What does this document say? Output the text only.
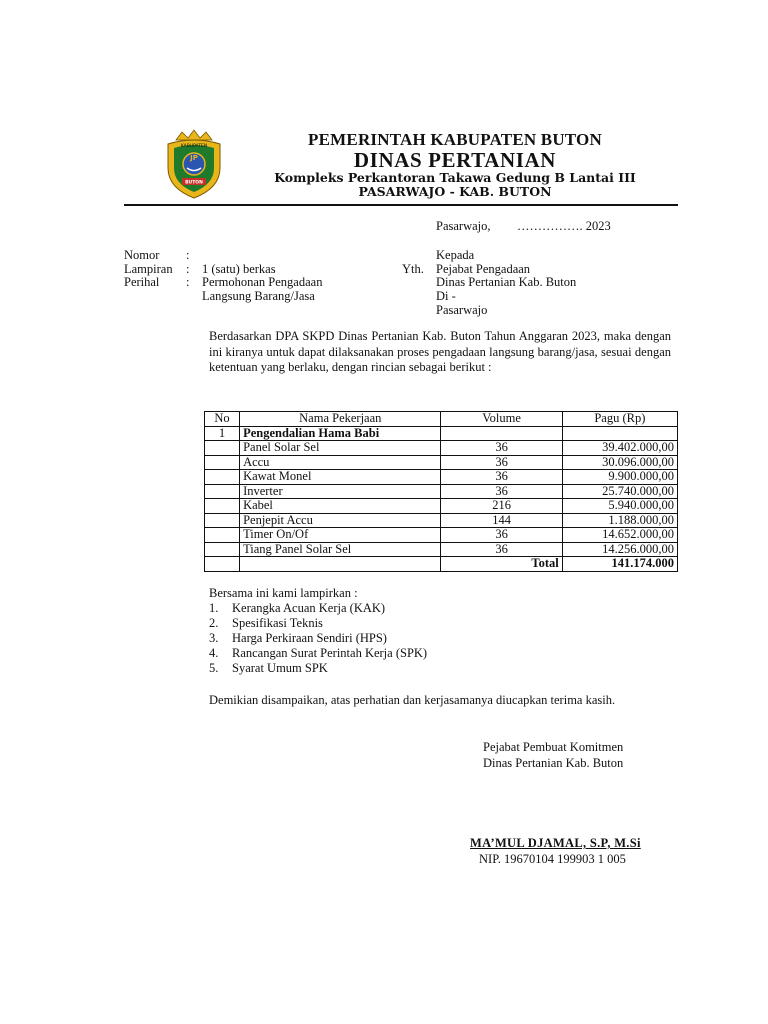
KABUPATEN
JP
BUTON
PEMERINTAH KABUPATEN BUTON
DINAS PERTANIAN
Kompleks Perkantoran Takawa Gedung B Lantai III
PASARWAJO - KAB. BUTON
Pasarwajo, ……………. 2023
Nomor :
Lampiran : 1 (satu) berkas
Perihal : Permohonan Pengadaan
Langsung Barang/Jasa
Kepada
Yth. Pejabat Pengadaan
Dinas Pertanian Kab. Buton
Di -
Pasarwajo
Berdasarkan DPA SKPD Dinas Pertanian Kab. Buton Tahun Anggaran 2023, maka dengan ini kiranya untuk dapat dilaksanakan proses pengadaan langsung barang/jasa, sesuai dengan ketentuan yang berlaku, dengan rincian sebagai berikut :
No	Nama Pekerjaan	Volume	Pagu (Rp)
1	Pengendalian Hama Babi		
	Panel Solar Sel	36	39.402.000,00
	Accu	36	30.096.000,00
	Kawat Monel	36	9.900.000,00
	Inverter	36	25.740.000,00
	Kabel	216	5.940.000,00
	Penjepit Accu	144	1.188.000,00
	Timer On/Of	36	14.652.000,00
	Tiang Panel Solar Sel	36	14.256.000,00
		Total	141.174.000
Bersama ini kami lampirkan :
1.	Kerangka Acuan Kerja (KAK)
2.	Spesifikasi Teknis
3.	Harga Perkiraan Sendiri (HPS)
4.	Rancangan Surat Perintah Kerja (SPK)
5.	Syarat Umum SPK
Demikian disampaikan, atas perhatian dan kerjasamanya diucapkan terima kasih.
Pejabat Pembuat Komitmen
Dinas Pertanian Kab. Buton
MA’MUL DJAMAL, S.P, M.Si
NIP. 19670104 199903 1 005
